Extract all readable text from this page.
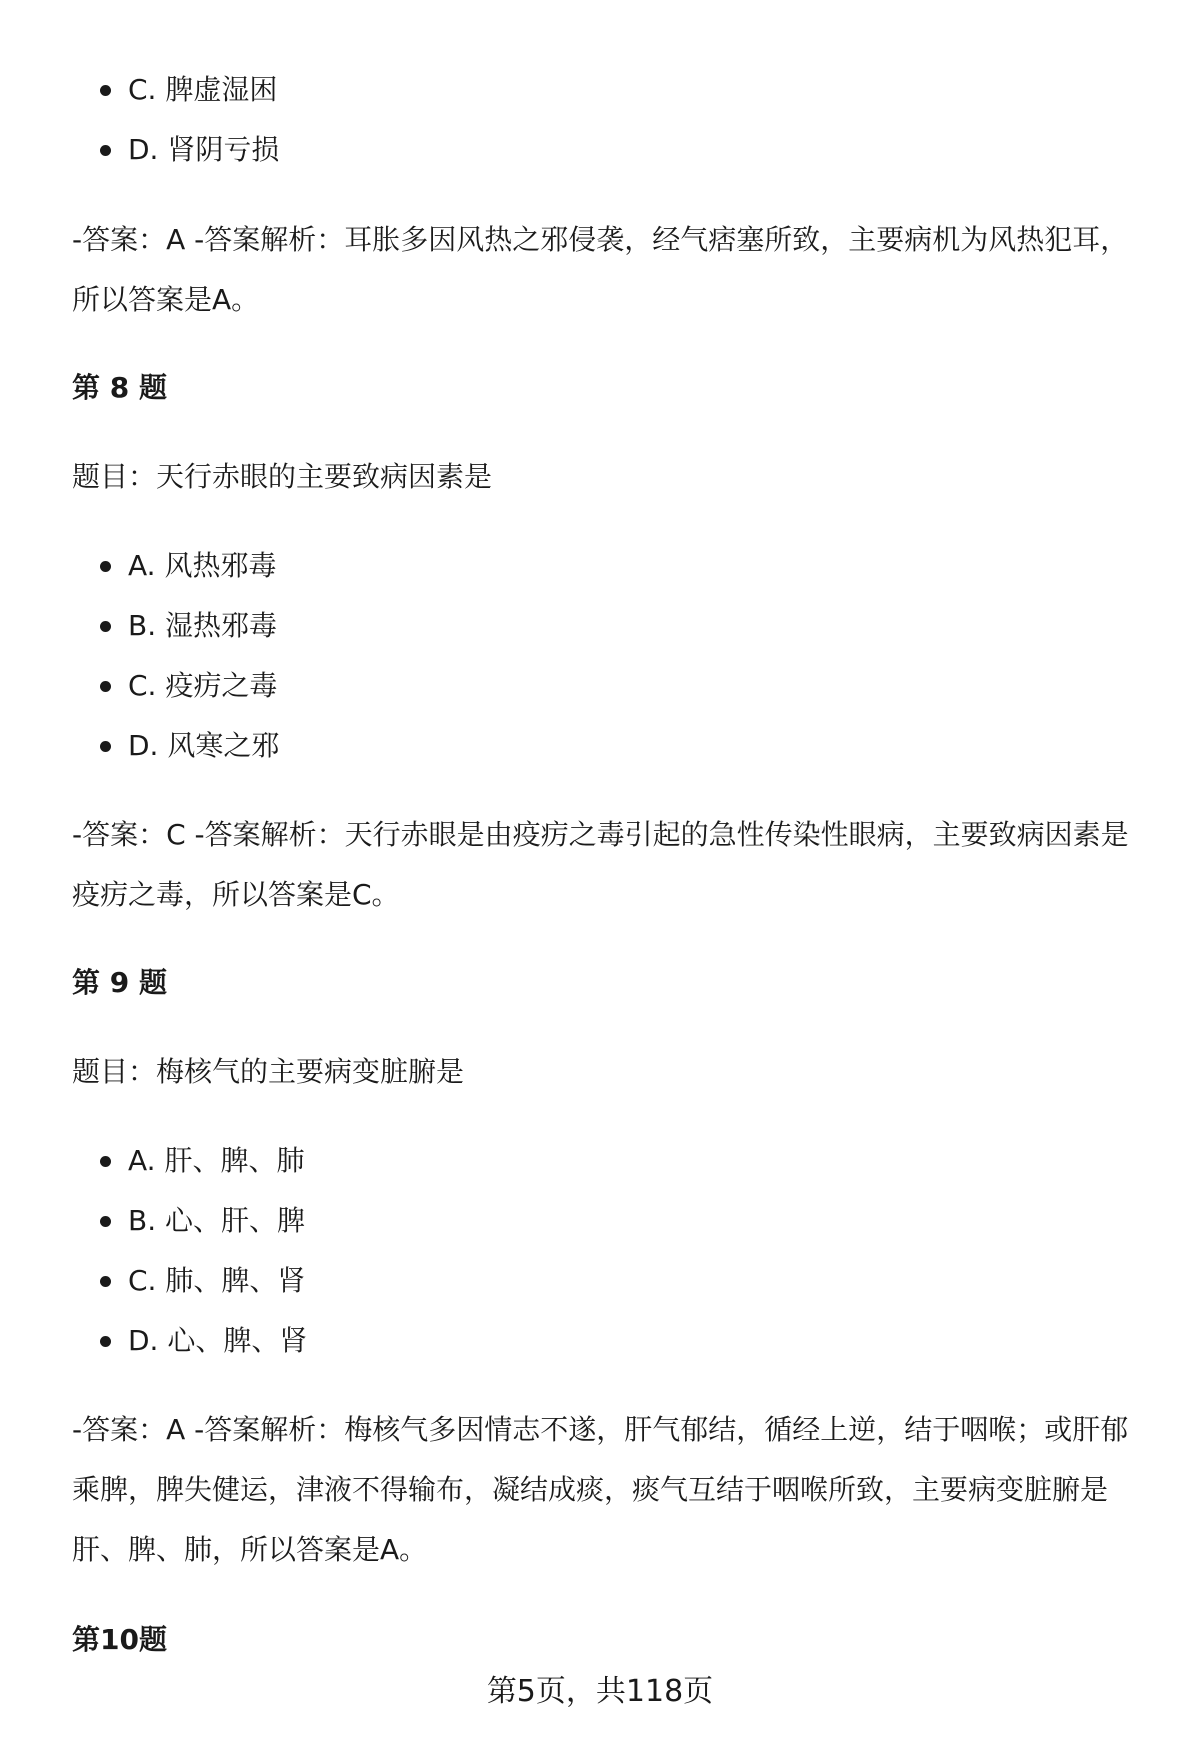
C. 脾虚湿困
D. 肾阴亏损
-答案：A -答案解析：耳胀多因风热之邪侵袭，经气痞塞所致，主要病机为风热犯耳，所以答案是A。
第 8 题
题目：天行赤眼的主要致病因素是
A. 风热邪毒
B. 湿热邪毒
C. 疫疠之毒
D. 风寒之邪
-答案：C -答案解析：天行赤眼是由疫疠之毒引起的急性传染性眼病，主要致病因素是疫疠之毒，所以答案是C。
第 9 题
题目：梅核气的主要病变脏腑是
A. 肝、脾、肺
B. 心、肝、脾
C. 肺、脾、肾
D. 心、脾、肾
-答案：A -答案解析：梅核气多因情志不遂，肝气郁结，循经上逆，结于咽喉；或肝郁乘脾，脾失健运，津液不得输布，凝结成痰，痰气互结于咽喉所致，主要病变脏腑是肝、脾、肺，所以答案是A。
第10题
第5页，共118页
